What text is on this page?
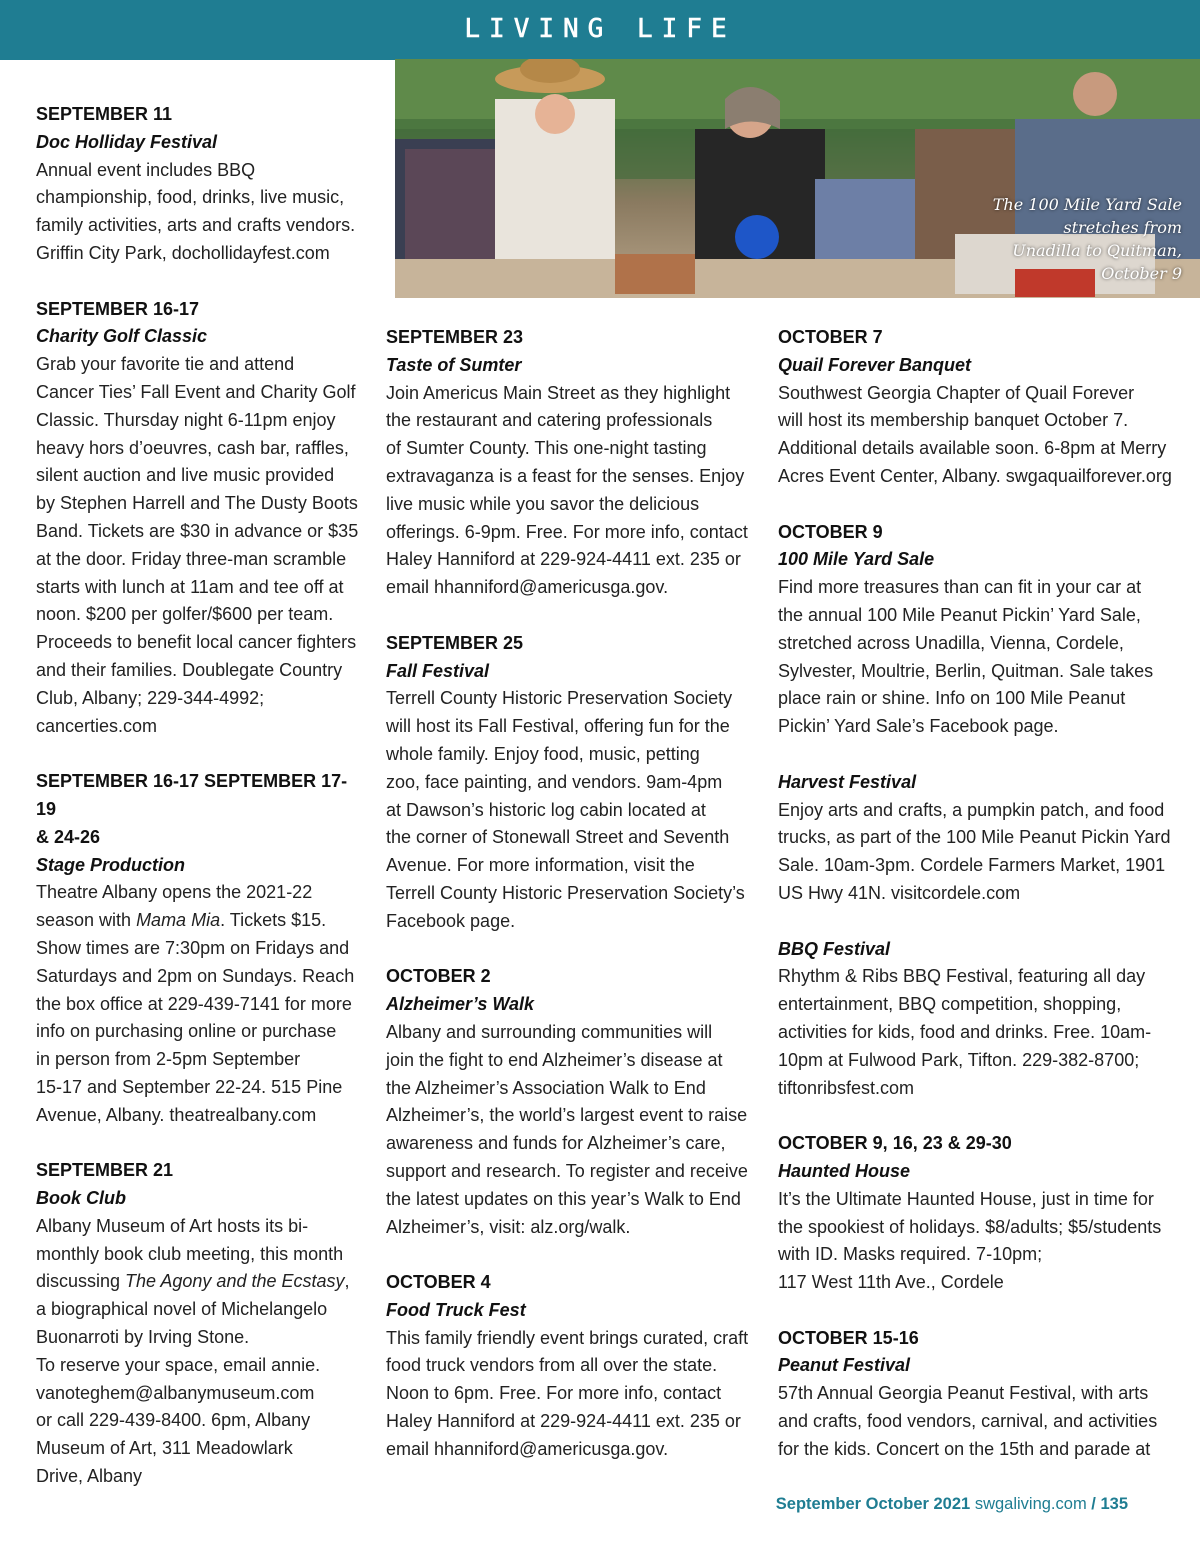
LIVING LIFE
The 100 Mile Yard Sale stretches from Unadilla to Quitman, October 9
SEPTEMBER 11
Doc Holliday Festival
Annual event includes BBQ
championship, food, drinks, live music,
family activities, arts and crafts vendors.
Griffin City Park, dochollidayfest.com
SEPTEMBER 16-17
Charity Golf Classic
Grab your favorite tie and attend
Cancer Ties’ Fall Event and Charity Golf
Classic. Thursday night 6-11pm enjoy
heavy hors d’oeuvres, cash bar, raffles,
silent auction and live music provided
by Stephen Harrell and The Dusty Boots
Band. Tickets are $30 in advance or $35
at the door. Friday three-man scramble
starts with lunch at 11am and tee off at
noon. $200 per golfer/$600 per team.
Proceeds to benefit local cancer fighters
and their families. Doublegate Country
Club, Albany; 229-344-4992;
cancerties.com
SEPTEMBER 16-17 SEPTEMBER 17-19
& 24-26
Stage Production
Theatre Albany opens the 2021-22
season with Mama Mia. Tickets $15.
Show times are 7:30pm on Fridays and
Saturdays and 2pm on Sundays. Reach
the box office at 229-439-7141 for more
info on purchasing online or purchase
in person from 2-5pm September
15-17 and September 22-24. 515 Pine
Avenue, Albany. theatrealbany.com
SEPTEMBER 21
Book Club
Albany Museum of Art hosts its bi-
monthly book club meeting, this month
discussing The Agony and the Ecstasy,
a biographical novel of Michelangelo
Buonarroti by Irving Stone.
To reserve your space, email annie.
vanoteghem@albanymuseum.com
or call 229-439-8400. 6pm, Albany
Museum of Art, 311 Meadowlark
Drive, Albany
SEPTEMBER 23
Taste of Sumter
Join Americus Main Street as they highlight
the restaurant and catering professionals
of Sumter County. This one-night tasting
extravaganza is a feast for the senses. Enjoy
live music while you savor the delicious
offerings. 6-9pm. Free. For more info, contact
Haley Hanniford at 229-924-4411 ext. 235 or
email hhanniford@americusga.gov.
SEPTEMBER 25
Fall Festival
Terrell County Historic Preservation Society
will host its Fall Festival, offering fun for the
whole family. Enjoy food, music, petting
zoo, face painting, and vendors. 9am-4pm
at Dawson’s historic log cabin located at
the corner of Stonewall Street and Seventh
Avenue. For more information, visit the
Terrell County Historic Preservation Society’s
Facebook page.
OCTOBER 2
Alzheimer’s Walk
Albany and surrounding communities will
join the fight to end Alzheimer’s disease at
the Alzheimer’s Association Walk to End
Alzheimer’s, the world’s largest event to raise
awareness and funds for Alzheimer’s care,
support and research. To register and receive
the latest updates on this year’s Walk to End
Alzheimer’s, visit: alz.org/walk.
OCTOBER 4
Food Truck Fest
This family friendly event brings curated, craft
food truck vendors from all over the state.
Noon to 6pm. Free. For more info, contact
Haley Hanniford at 229-924-4411 ext. 235 or
email hhanniford@americusga.gov.
OCTOBER 7
Quail Forever Banquet
Southwest Georgia Chapter of Quail Forever
will host its membership banquet October 7.
Additional details available soon. 6-8pm at Merry
Acres Event Center, Albany. swgaquailforever.org
OCTOBER 9
100 Mile Yard Sale
Find more treasures than can fit in your car at
the annual 100 Mile Peanut Pickin’ Yard Sale,
stretched across Unadilla, Vienna, Cordele,
Sylvester, Moultrie, Berlin, Quitman. Sale takes
place rain or shine. Info on 100 Mile Peanut
Pickin’ Yard Sale’s Facebook page.
Harvest Festival
Enjoy arts and crafts, a pumpkin patch, and food
trucks, as part of the 100 Mile Peanut Pickin Yard
Sale. 10am-3pm. Cordele Farmers Market, 1901
US Hwy 41N. visitcordele.com
BBQ Festival
Rhythm & Ribs BBQ Festival, featuring all day
entertainment, BBQ competition, shopping,
activities for kids, food and drinks. Free. 10am-
10pm at Fulwood Park, Tifton. 229-382-8700;
tiftonribsfest.com
OCTOBER 9, 16, 23 & 29-30
Haunted House
It’s the Ultimate Haunted House, just in time for
the spookiest of holidays. $8/adults; $5/students
with ID. Masks required. 7-10pm;
117 West 11th Ave., Cordele
OCTOBER 15-16
Peanut Festival
57th Annual Georgia Peanut Festival, with arts
and crafts, food vendors, carnival, and activities
for the kids. Concert on the 15th and parade at
September October 2021 swgaliving.com / 135
